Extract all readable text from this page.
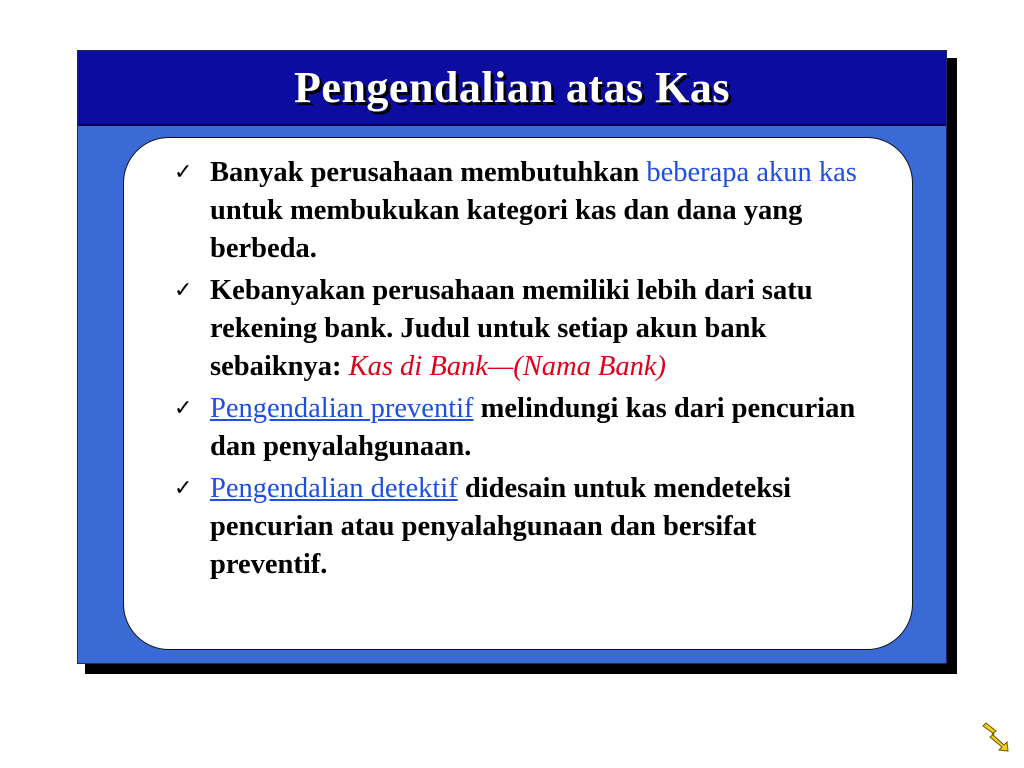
Pengendalian atas Kas
✓ Banyak perusahaan membutuhkan beberapa akun kas untuk membukukan kategori kas dan dana yang berbeda.
✓ Kebanyakan perusahaan memiliki lebih dari satu rekening bank. Judul untuk setiap akun bank sebaiknya: Kas di Bank—(Nama Bank)
✓ Pengendalian preventif melindungi kas dari pencurian dan penyalahgunaan.
✓ Pengendalian detektif didesain untuk mendeteksi pencurian atau penyalahgunaan dan bersifat preventif.
